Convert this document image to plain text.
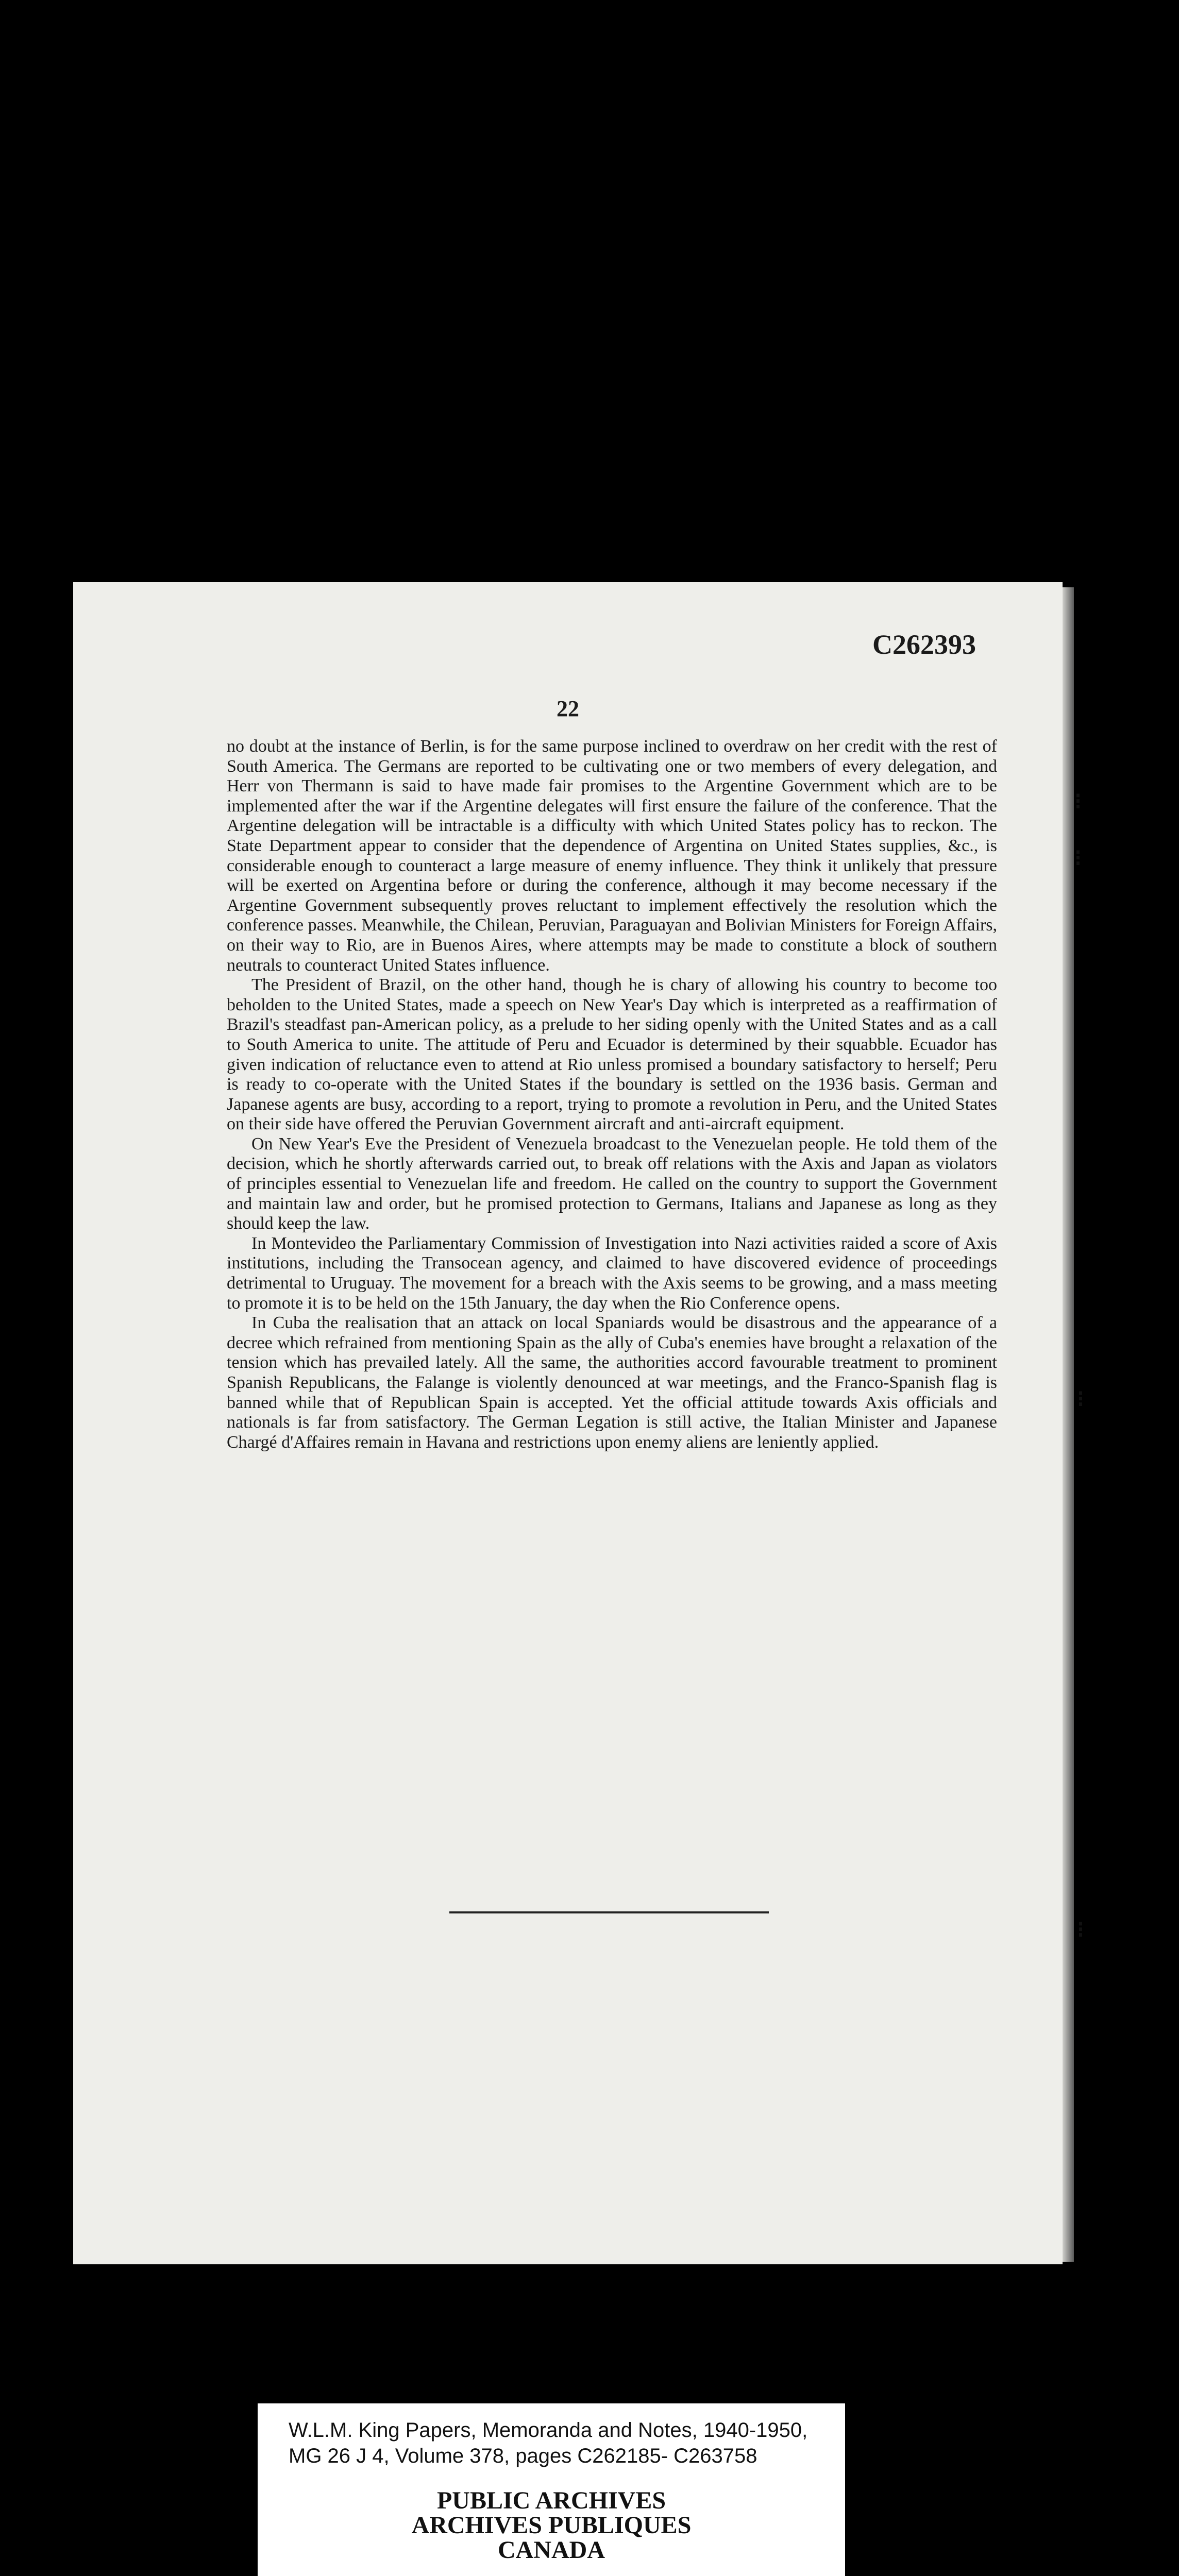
C262393
22

no doubt at the instance of Berlin, is for the same purpose inclined to overdraw on her credit with the rest of South America. The Germans are reported to be cultivating one or two members of every delegation, and Herr von Thermann is said to have made fair promises to the Argentine Government which are to be implemented after the war if the Argentine delegates will first ensure the failure of the conference. That the Argentine delegation will be intractable is a difficulty with which United States policy has to reckon. The State Department appear to consider that the dependence of Argentina on United States supplies, &c., is considerable enough to counteract a large measure of enemy influence. They think it unlikely that pressure will be exerted on Argentina before or during the conference, although it may become necessary if the Argentine Government subsequently proves reluctant to implement effectively the resolution which the conference passes. Meanwhile, the Chilean, Peruvian, Paraguayan and Bolivian Ministers for Foreign Affairs, on their way to Rio, are in Buenos Aires, where attempts may be made to constitute a block of southern neutrals to counteract United States influence.

The President of Brazil, on the other hand, though he is chary of allowing his country to become too beholden to the United States, made a speech on New Year's Day which is interpreted as a reaffirmation of Brazil's steadfast pan-American policy, as a prelude to her siding openly with the United States and as a call to South America to unite. The attitude of Peru and Ecuador is determined by their squabble. Ecuador has given indication of reluctance even to attend at Rio unless promised a boundary satisfactory to herself; Peru is ready to co-operate with the United States if the boundary is settled on the 1936 basis. German and Japanese agents are busy, according to a report, trying to promote a revolution in Peru, and the United States on their side have offered the Peruvian Government aircraft and anti-aircraft equipment.

On New Year's Eve the President of Venezuela broadcast to the Venezuelan people. He told them of the decision, which he shortly afterwards carried out, to break off relations with the Axis and Japan as violators of principles essential to Venezuelan life and freedom. He called on the country to support the Government and maintain law and order, but he promised protection to Germans, Italians and Japanese as long as they should keep the law.

In Montevideo the Parliamentary Commission of Investigation into Nazi activities raided a score of Axis institutions, including the Transocean agency, and claimed to have discovered evidence of proceedings detrimental to Uruguay. The movement for a breach with the Axis seems to be growing, and a mass meeting to promote it is to be held on the 15th January, the day when the Rio Conference opens.

In Cuba the realisation that an attack on local Spaniards would be disastrous and the appearance of a decree which refrained from mentioning Spain as the ally of Cuba's enemies have brought a relaxation of the tension which has prevailed lately. All the same, the authorities accord favourable treatment to prominent Spanish Republicans, the Falange is violently denounced at war meetings, and the Franco-Spanish flag is banned while that of Republican Spain is accepted. Yet the official attitude towards Axis officials and nationals is far from satisfactory. The German Legation is still active, the Italian Minister and Japanese Chargé d'Affaires remain in Havana and restrictions upon enemy aliens are leniently applied.

⁝
⁝
⁝
⁝
W.L.M. King Papers, Memoranda and Notes, 1940-1950,
MG 26 J 4, Volume 378, pages C262185- C263758
PUBLIC ARCHIVES
ARCHIVES PUBLIQUES
CANADA
